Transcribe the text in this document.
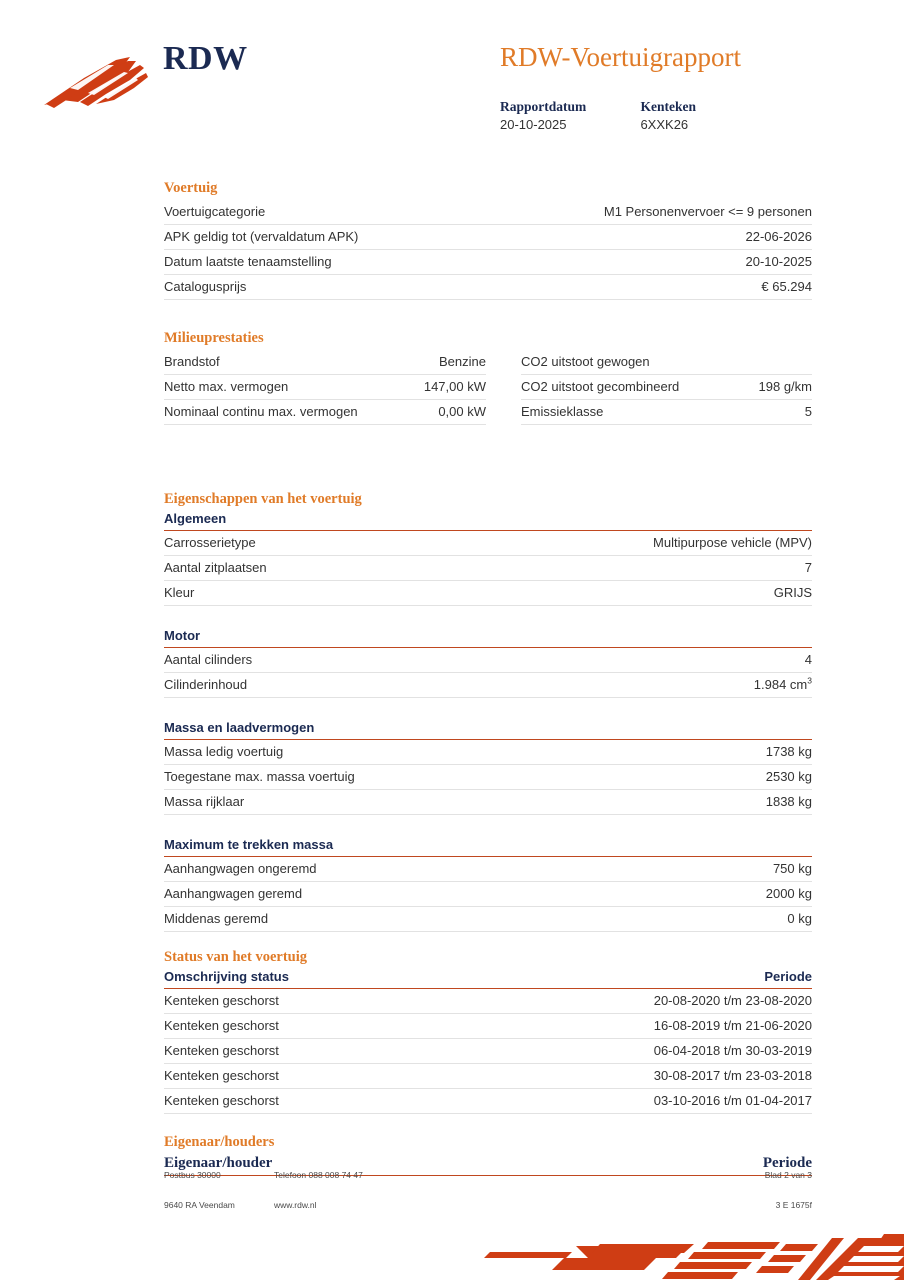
RDW	RDW-Voertuigrapport
Rapportdatum
20-10-2025

Kenteken
6XXK26
Voertuig
Voertuigcategorie	M1 Personenvervoer <= 9 personen
APK geldig tot (vervaldatum APK)	22-06-2026
Datum laatste tenaamstelling	20-10-2025
Catalogusprijs	€ 65.294
Milieuprestaties
Brandstof	Benzine		CO2 uitstoot gewogen	
Netto max. vermogen	147,00 kW		CO2 uitstoot gecombineerd	198 g/km
Nominaal continu max. vermogen	0,00 kW		Emissieklasse	5
Eigenschappen van het voertuig
Algemeen
Carrosserietype	Multipurpose vehicle (MPV)
Aantal zitplaatsen	7
Kleur	GRIJS
Motor
Aantal cilinders	4
Cilinderinhoud	1.984 $cm^3$
Massa en laadvermogen
Massa ledig voertuig	1738 kg
Toegestane max. massa voertuig	2530 kg
Massa rijklaar	1838 kg
Maximum te trekken massa
Aanhangwagen ongeremd	750 kg
Aanhangwagen geremd	2000 kg
Middenas geremd	0 kg
Status van het voertuig
Omschrijving status	Periode
Kenteken geschorst	20-08-2020 t/m 23-08-2020
Kenteken geschorst	16-08-2019 t/m 21-06-2020
Kenteken geschorst	06-04-2018 t/m 30-03-2019
Kenteken geschorst	30-08-2017 t/m 23-03-2018
Kenteken geschorst	03-10-2016 t/m 01-04-2017
Eigenaar/houders
Eigenaar/houder	Periode
Postbus 30000	Telefoon 088 008 74 47	Blad 2 van 3
9640 RA Veendam	www.rdw.nl	3 E 1675f
